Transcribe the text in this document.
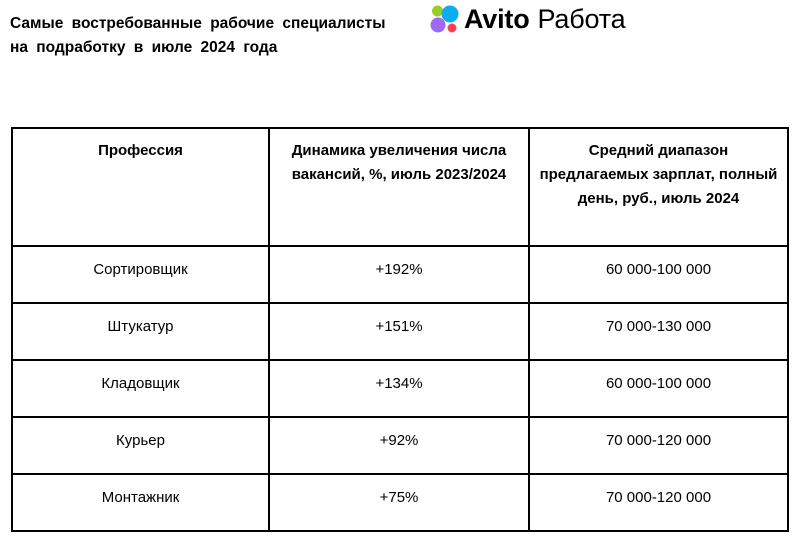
Самые востребованные рабочие специалисты
на подработку в июле 2024 года
Avito Работа
Профессия	Динамика увеличения числа вакансий, %, июль 2023/2024	Средний диапазон предлагаемых зарплат, полный день, руб., июль 2024
Сортировщик	+192%	60 000-100 000
Штукатур	+151%	70 000-130 000
Кладовщик	+134%	60 000-100 000
Курьер	+92%	70 000-120 000
Монтажник	+75%	70 000-120 000
